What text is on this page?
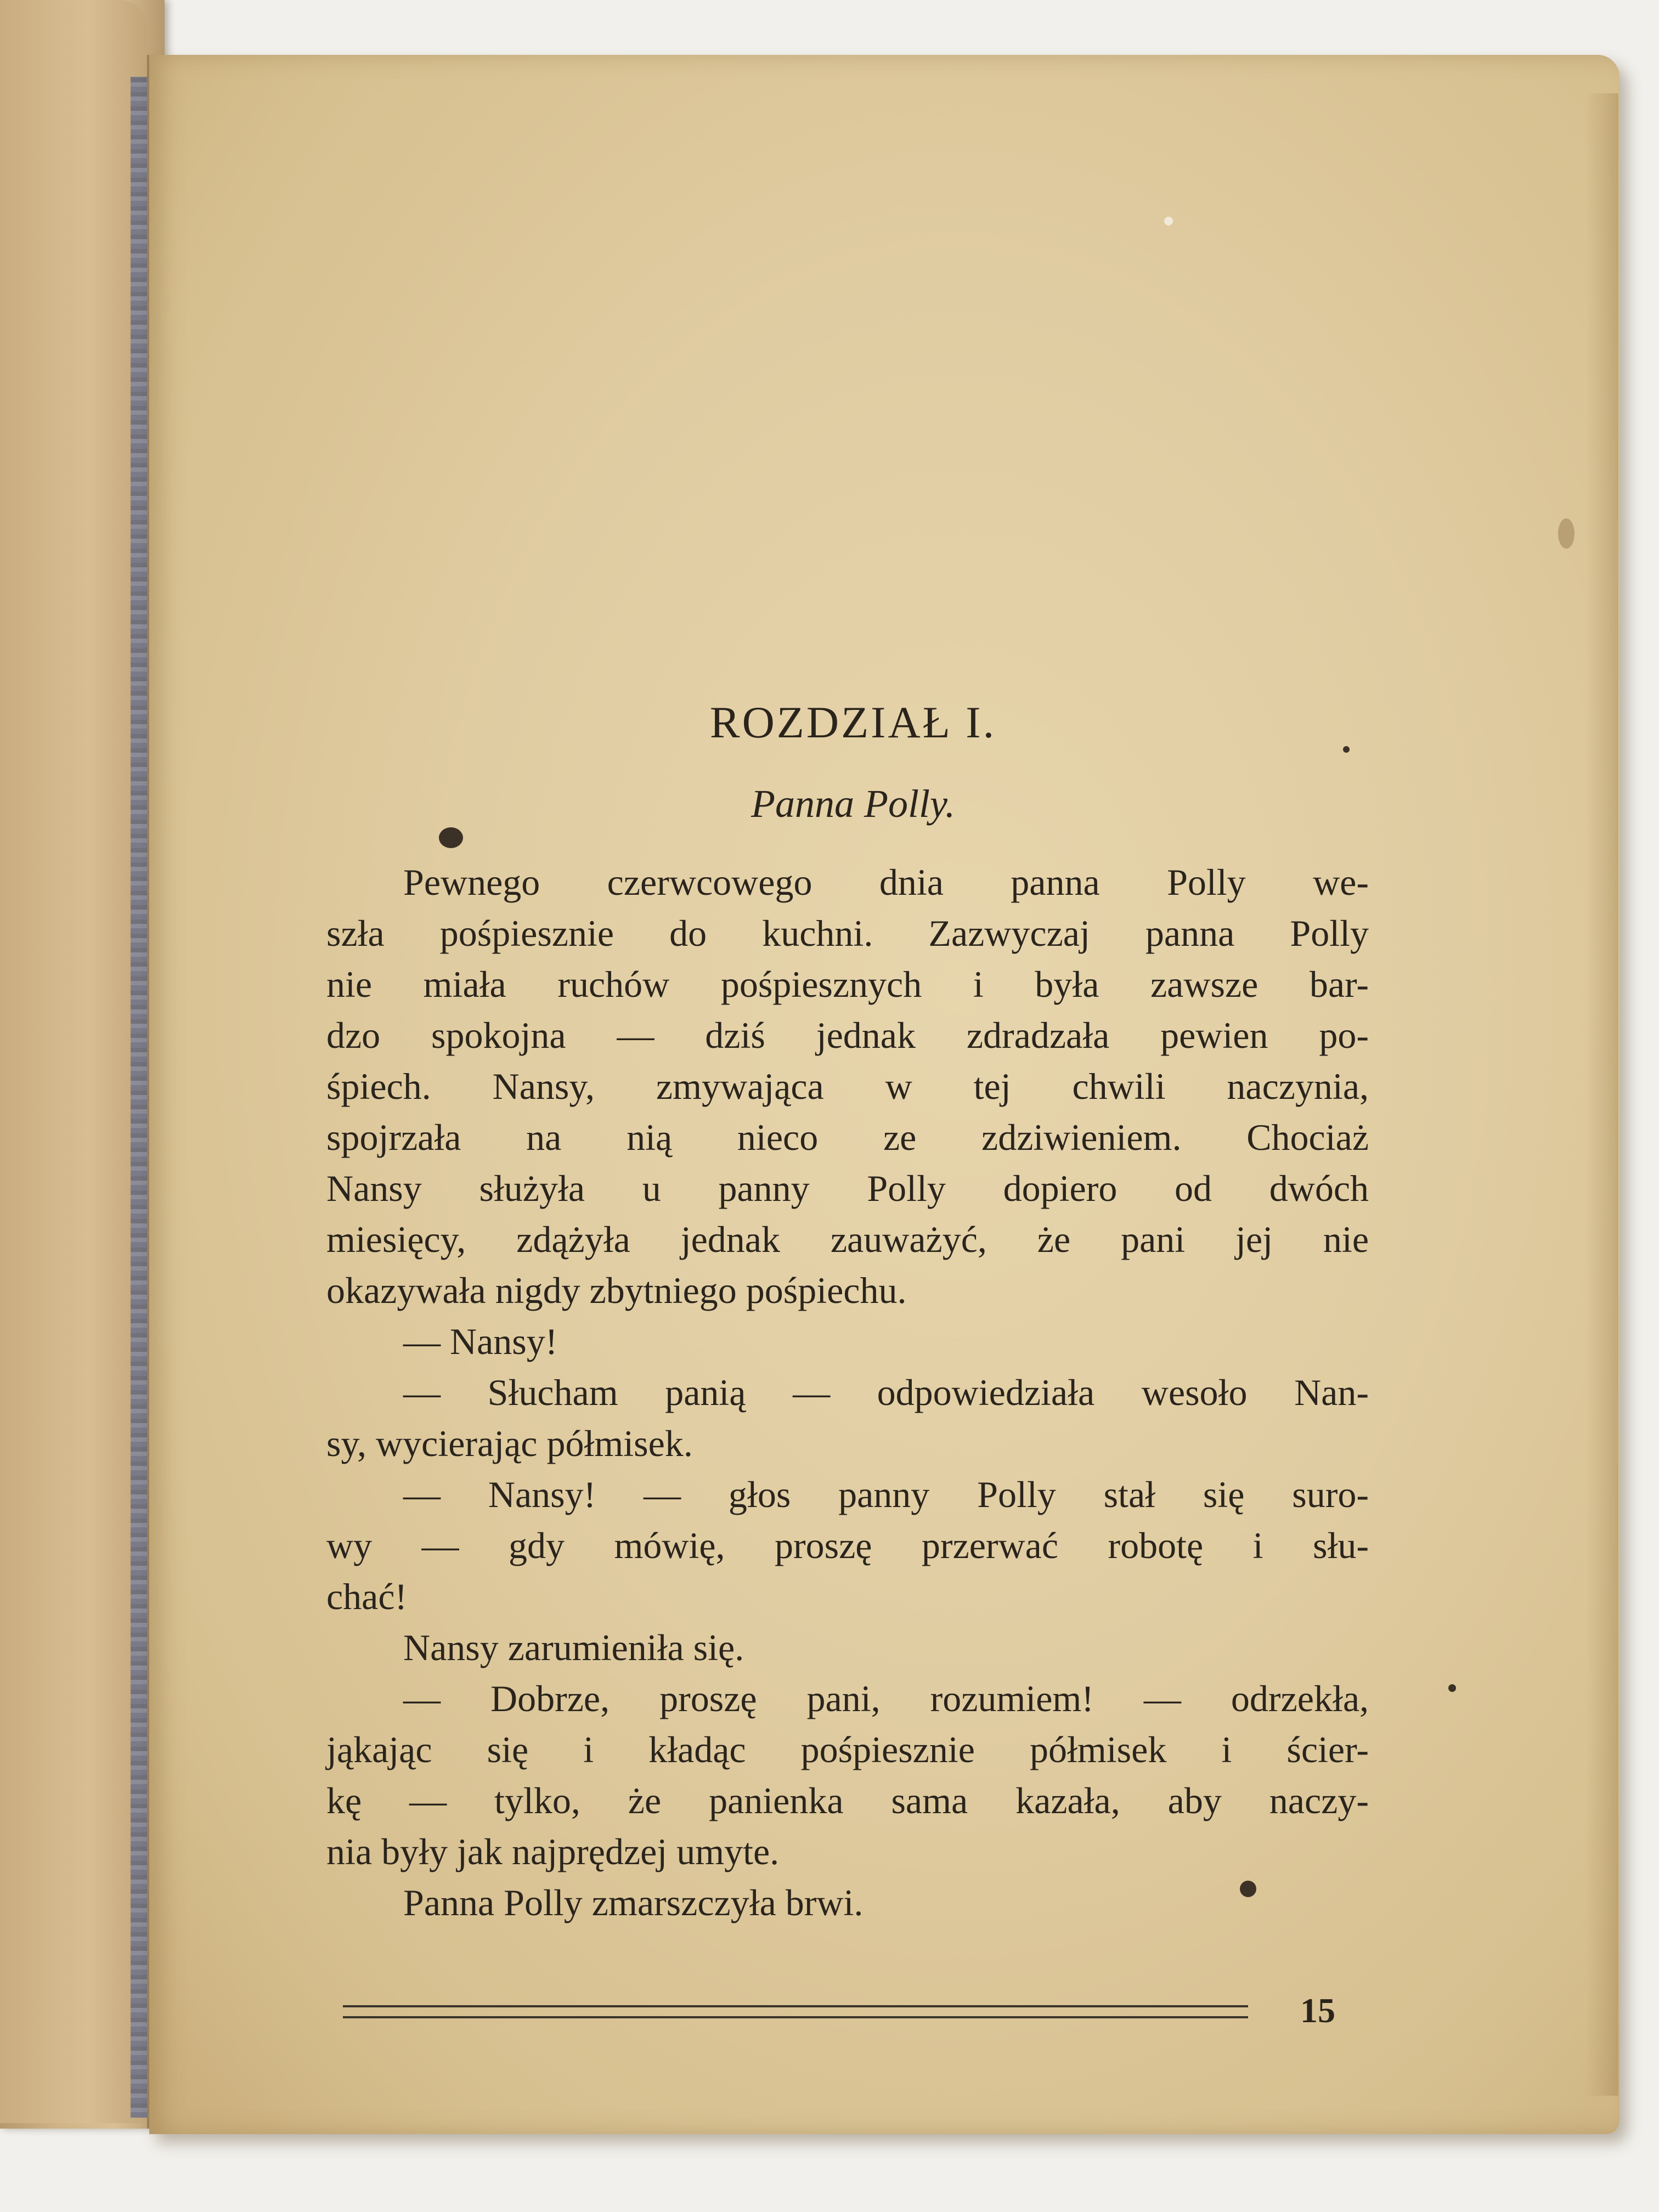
ROZDZIAŁ I.
Panna Polly.
Pewnego czerwcowego dnia panna Polly we-
szła pośpiesznie do kuchni. Zazwyczaj panna Polly
nie miała ruchów pośpiesznych i była zawsze bar-
dzo spokojna — dziś jednak zdradzała pewien po-
śpiech. Nansy, zmywająca w tej chwili naczynia,
spojrzała na nią nieco ze zdziwieniem. Chociaż
Nansy służyła u panny Polly dopiero od dwóch
miesięcy, zdążyła jednak zauważyć, że pani jej nie
okazywała nigdy zbytniego pośpiechu.
— Nansy!
— Słucham panią — odpowiedziała wesoło Nan-
sy, wycierając półmisek.
— Nansy! — głos panny Polly stał się suro-
wy — gdy mówię, proszę przerwać robotę i słu-
chać!
Nansy zarumieniła się.
— Dobrze, proszę pani, rozumiem! — odrzekła,
jąkając się i kładąc pośpiesznie półmisek i ścier-
kę — tylko, że panienka sama kazała, aby naczy-
nia były jak najprędzej umyte.
Panna Polly zmarszczyła brwi.
15
